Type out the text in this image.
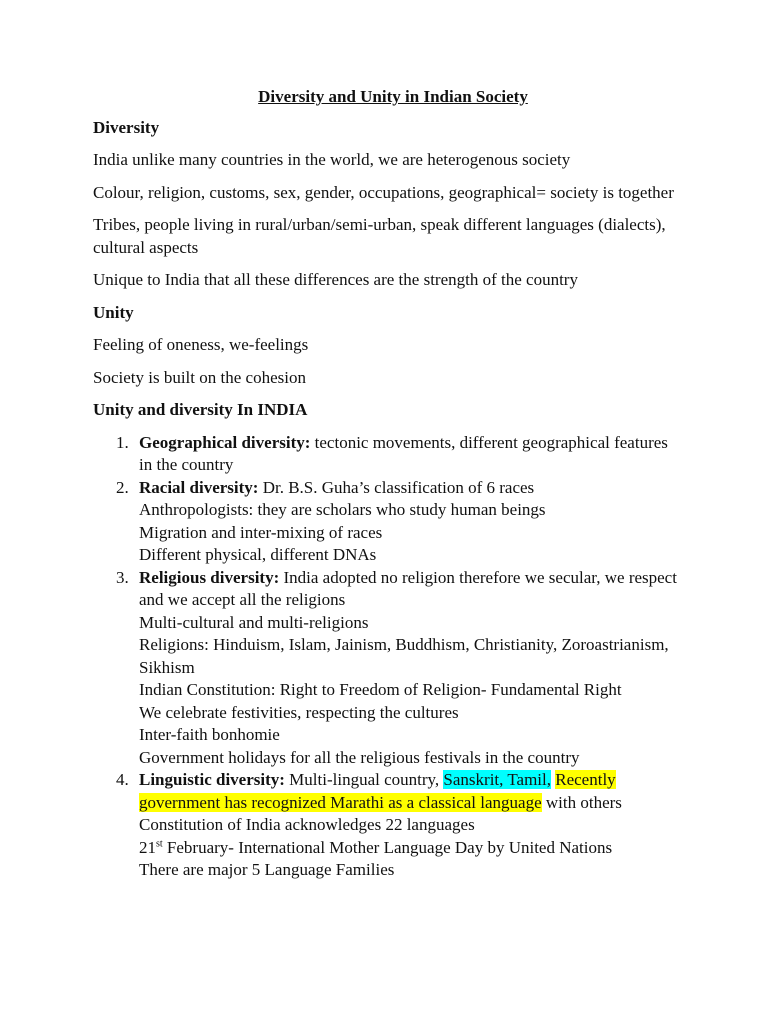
Diversity and Unity in Indian Society
Diversity
India unlike many countries in the world, we are heterogenous society
Colour, religion, customs, sex, gender, occupations, geographical= society is together
Tribes, people living in rural/urban/semi-urban, speak different languages (dialects), cultural aspects
Unique to India that all these differences are the strength of the country
Unity
Feeling of oneness, we-feelings
Society is built on the cohesion
Unity and diversity In INDIA
1. Geographical diversity: tectonic movements, different geographical features in the country
2. Racial diversity: Dr. B.S. Guha’s classification of 6 races
Anthropologists: they are scholars who study human beings
Migration and inter-mixing of races
Different physical, different DNAs
3. Religious diversity: India adopted no religion therefore we secular, we respect and we accept all the religions
Multi-cultural and multi-religions
Religions: Hinduism, Islam, Jainism, Buddhism, Christianity, Zoroastrianism, Sikhism
Indian Constitution: Right to Freedom of Religion- Fundamental Right
We celebrate festivities, respecting the cultures
Inter-faith bonhomie
Government holidays for all the religious festivals in the country
4. Linguistic diversity: Multi-lingual country, Sanskrit, Tamil, Recently government has recognized Marathi as a classical language with others
Constitution of India acknowledges 22 languages
21st February- International Mother Language Day by United Nations
There are major 5 Language Families
